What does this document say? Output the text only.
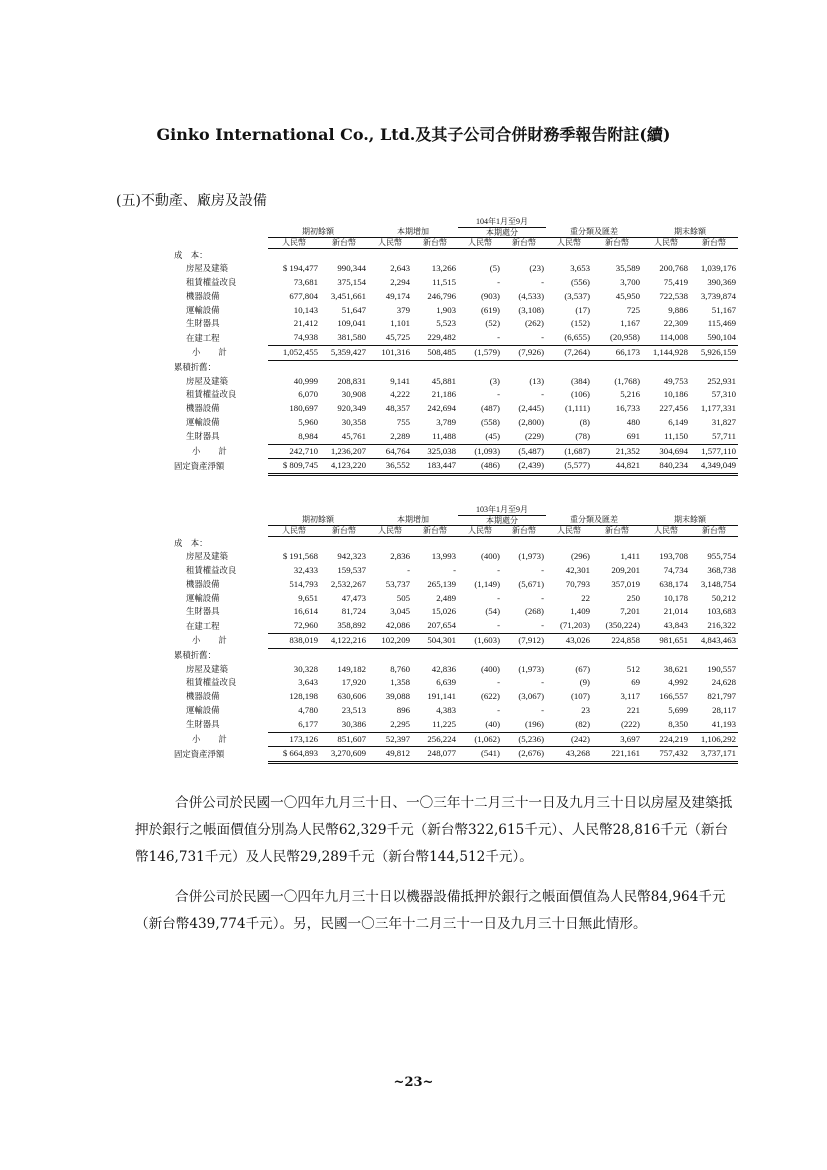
Ginko International Co., Ltd.及其子公司合併財務季報告附註(續)
(五)不動產、廠房及設備
					104年1月至9月					
	期初餘額		本期增加		本期處分		重分類及匯差		期末餘額	
	人民幣	新台幣	人民幣	新台幣	人民幣	新台幣	人民幣	新台幣	人民幣	新台幣
成　本：										
房屋及建築	$ 194,477	990,344	2,643	13,266	(5)	(23)	3,653	35,589	200,768	1,039,176
租賃權益改良	73,681	375,154	2,294	11,515	-	-	(556)	3,700	75,419	390,369
機器設備	677,804	3,451,661	49,174	246,796	(903)	(4,533)	(3,537)	45,950	722,538	3,739,874
運輸設備	10,143	51,647	379	1,903	(619)	(3,108)	(17)	725	9,886	51,167
生財器具	21,412	109,041	1,101	5,523	(52)	(262)	(152)	1,167	22,309	115,469
在建工程	74,938	381,580	45,725	229,482	-	-	(6,655)	(20,958)	114,008	590,104
小計	1,052,455	5,359,427	101,316	508,485	(1,579)	(7,926)	(7,264)	66,173	1,144,928	5,926,159
累積折舊：										
房屋及建築	40,999	208,831	9,141	45,881	(3)	(13)	(384)	(1,768)	49,753	252,931
租賃權益改良	6,070	30,908	4,222	21,186	-	-	(106)	5,216	10,186	57,310
機器設備	180,697	920,349	48,357	242,694	(487)	(2,445)	(1,111)	16,733	227,456	1,177,331
運輸設備	5,960	30,358	755	3,789	(558)	(2,800)	(8)	480	6,149	31,827
生財器具	8,984	45,761	2,289	11,488	(45)	(229)	(78)	691	11,150	57,711
小計	242,710	1,236,207	64,764	325,038	(1,093)	(5,487)	(1,687)	21,352	304,694	1,577,110
固定資產淨額	$ 809,745	4,123,220	36,552	183,447	(486)	(2,439)	(5,577)	44,821	840,234	4,349,049
					103年1月至9月					
	期初餘額		本期增加		本期處分		重分類及匯差		期末餘額	
	人民幣	新台幣	人民幣	新台幣	人民幣	新台幣	人民幣	新台幣	人民幣	新台幣
成　本：										
房屋及建築	$ 191,568	942,323	2,836	13,993	(400)	(1,973)	(296)	1,411	193,708	955,754
租賃權益改良	32,433	159,537	-	-	-	-	42,301	209,201	74,734	368,738
機器設備	514,793	2,532,267	53,737	265,139	(1,149)	(5,671)	70,793	357,019	638,174	3,148,754
運輸設備	9,651	47,473	505	2,489	-	-	22	250	10,178	50,212
生財器具	16,614	81,724	3,045	15,026	(54)	(268)	1,409	7,201	21,014	103,683
在建工程	72,960	358,892	42,086	207,654	-	-	(71,203)	(350,224)	43,843	216,322
小計	838,019	4,122,216	102,209	504,301	(1,603)	(7,912)	43,026	224,858	981,651	4,843,463
累積折舊：										
房屋及建築	30,328	149,182	8,760	42,836	(400)	(1,973)	(67)	512	38,621	190,557
租賃權益改良	3,643	17,920	1,358	6,639	-	-	(9)	69	4,992	24,628
機器設備	128,198	630,606	39,088	191,141	(622)	(3,067)	(107)	3,117	166,557	821,797
運輸設備	4,780	23,513	896	4,383	-	-	23	221	5,699	28,117
生財器具	6,177	30,386	2,295	11,225	(40)	(196)	(82)	(222)	8,350	41,193
小計	173,126	851,607	52,397	256,224	(1,062)	(5,236)	(242)	3,697	224,219	1,106,292
固定資產淨額	$ 664,893	3,270,609	49,812	248,077	(541)	(2,676)	43,268	221,161	757,432	3,737,171
合併公司於民國一〇四年九月三十日、一〇三年十二月三十一日及九月三十日以房屋及建築抵押於銀行之帳面價值分別為人民幣62,329千元（新台幣322,615千元）、人民幣28,816千元（新台幣146,731千元）及人民幣29,289千元（新台幣144,512千元）。
合併公司於民國一〇四年九月三十日以機器設備抵押於銀行之帳面價值為人民幣84,964千元（新台幣439,774千元）。另，民國一〇三年十二月三十一日及九月三十日無此情形。
~23~
